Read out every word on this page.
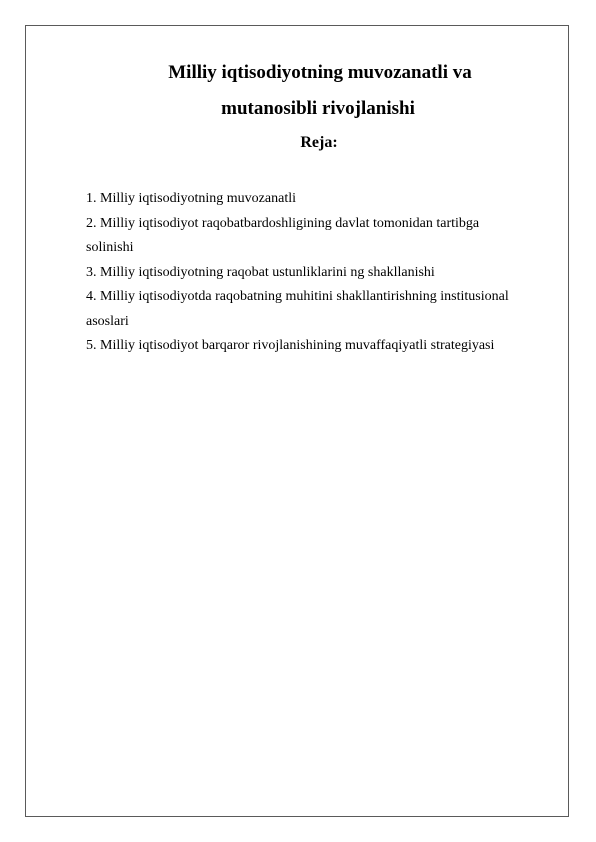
Milliy iqtisodiyotning muvozanatli va
mutanosibli rivojlanishi
Reja:
1. Milliy iqtisodiyotning muvozanatli
2. Milliy iqtisodiyot raqobatbardoshligining davlat tomonidan tartibga solinishi
3. Milliy iqtisodiyotning raqobat ustunliklarini ng shakllanishi
4. Milliy iqtisodiyotda raqobatning muhitini shakllantirishning institusional asoslari
5. Milliy iqtisodiyot barqaror rivojlanishining muvaffaqiyatli strategiyasi
